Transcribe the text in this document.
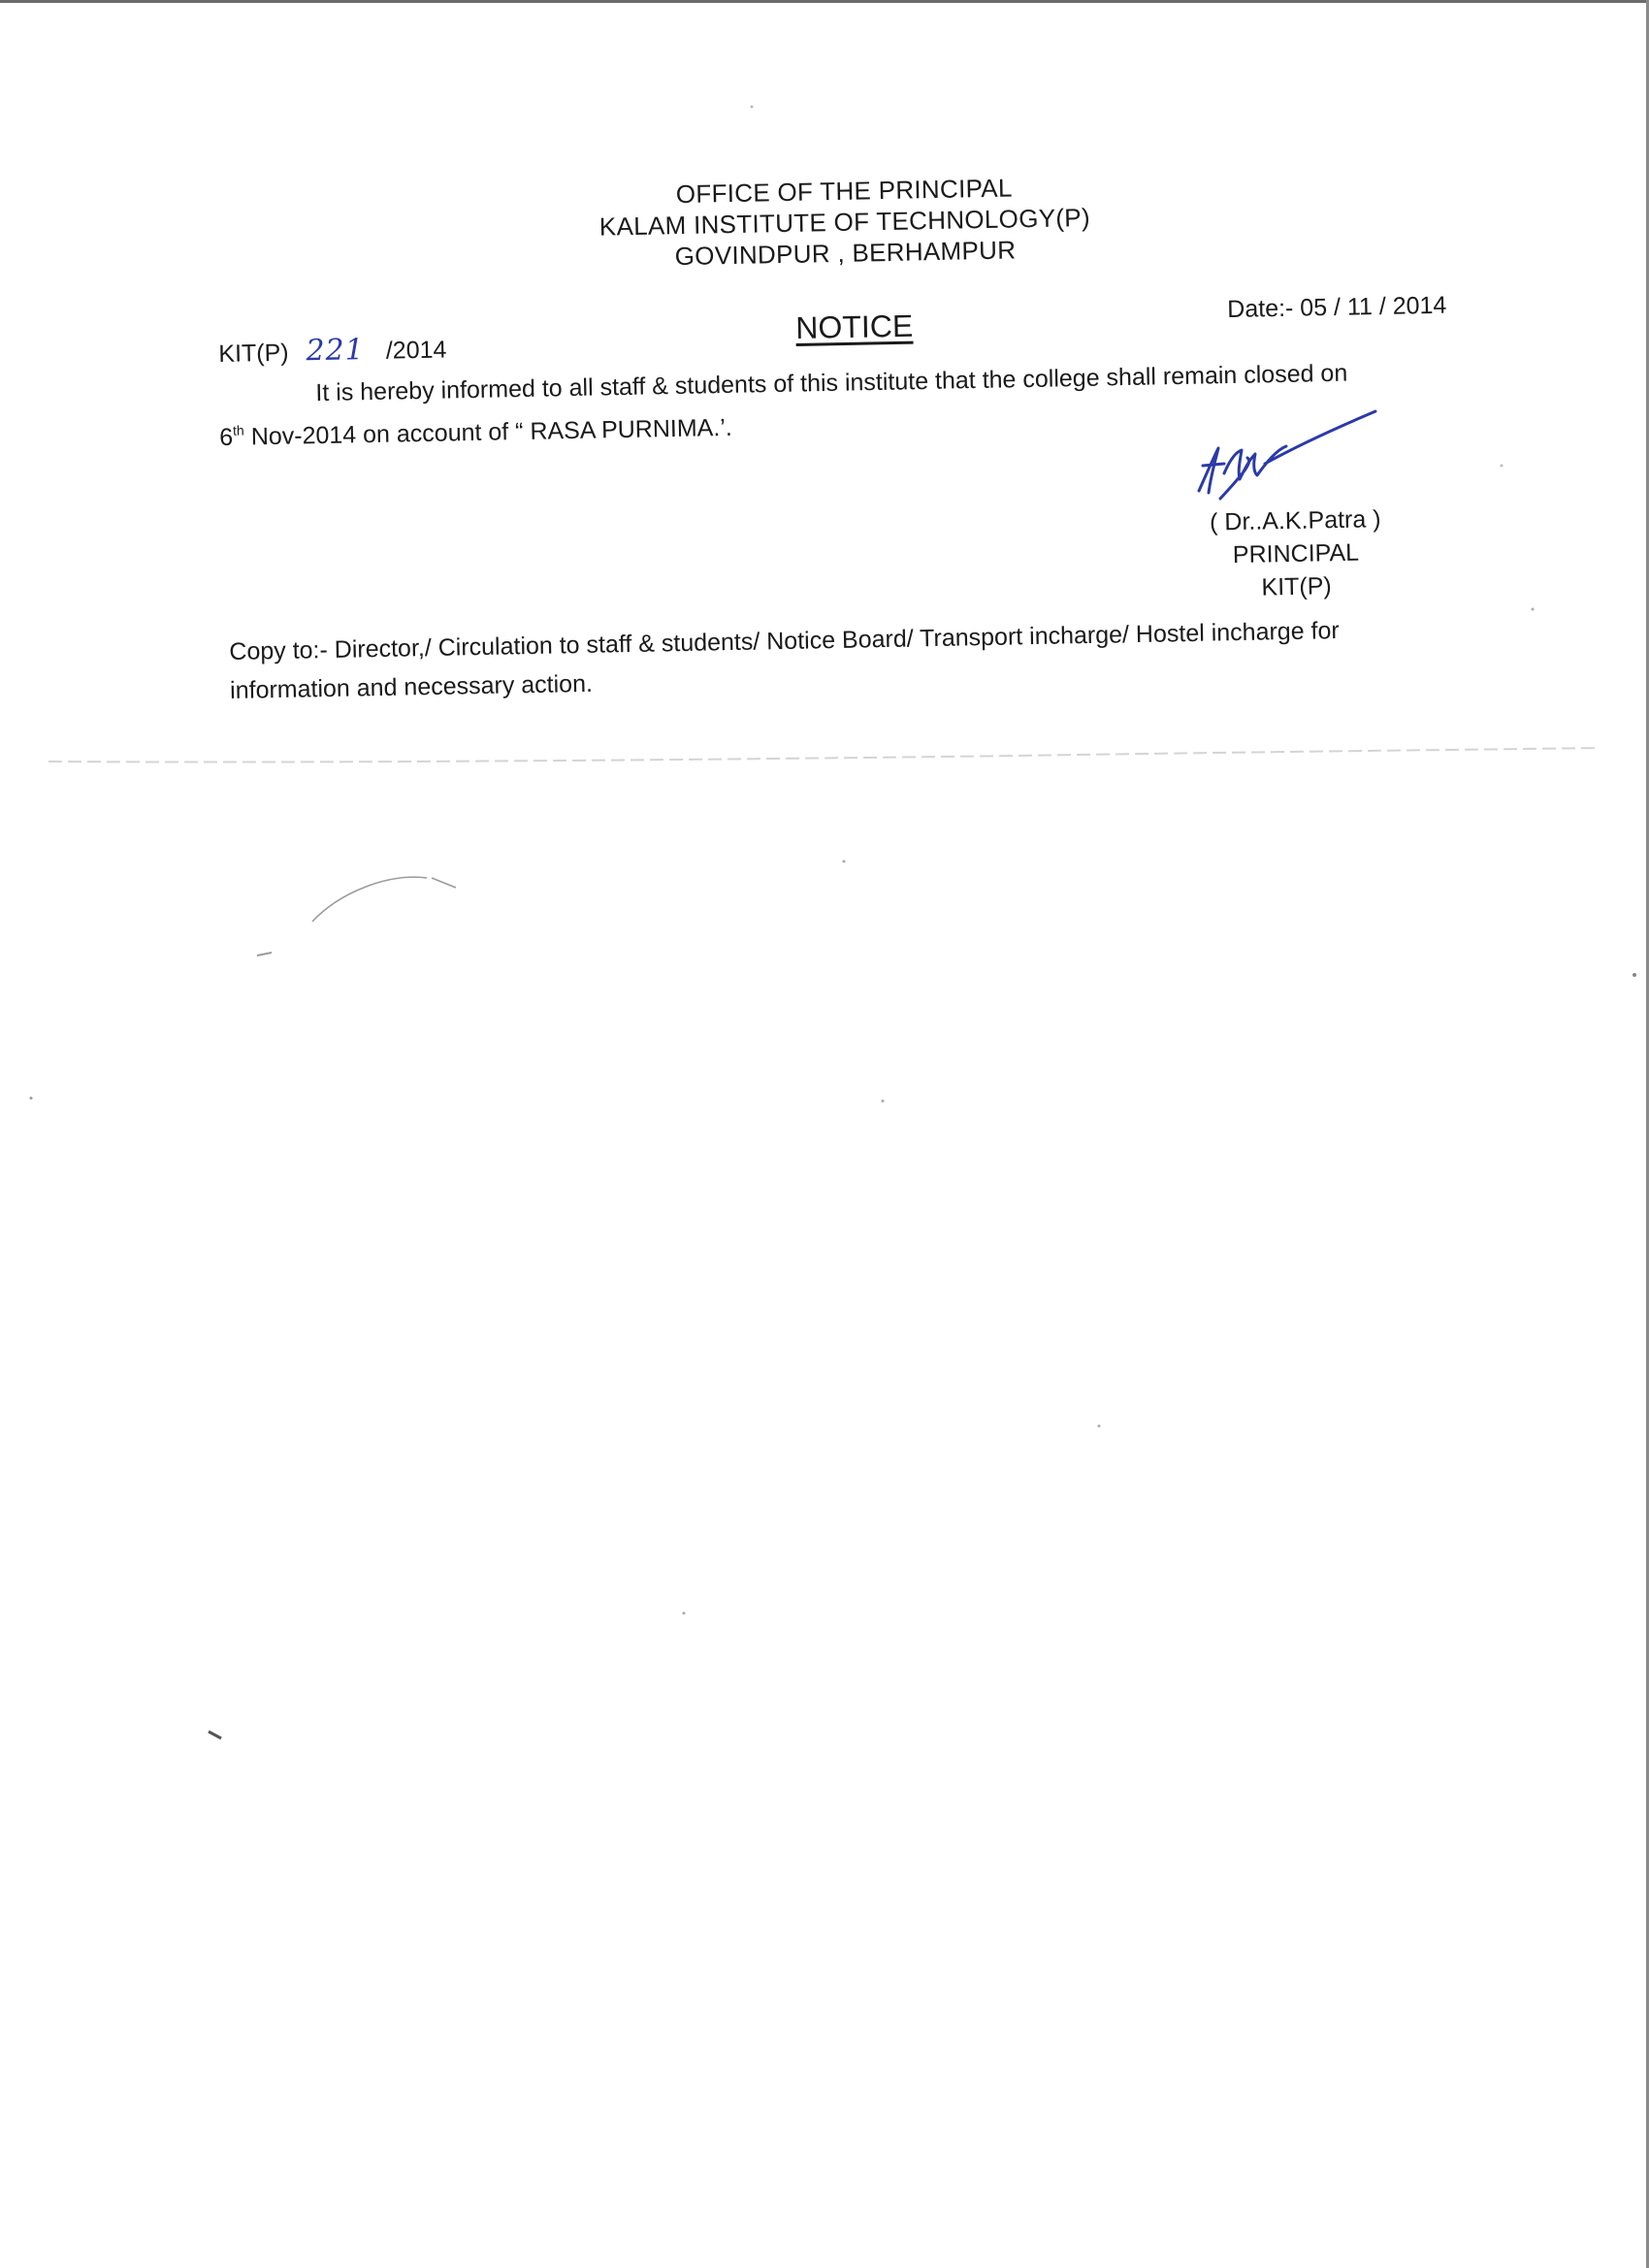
OFFICE OF THE PRINCIPAL
KALAM INSTITUTE OF TECHNOLOGY(P)
GOVINDPUR , BERHAMPUR
KIT(P) 221 /2014
NOTICE
Date:- 05 / 11 / 2014
It is hereby informed to all staff & students of this institute that the college shall remain closed on
6th Nov-2014 on account of “ RASA PURNIMA.’.
( Dr..A.K.Patra )
PRINCIPAL
KIT(P)
Copy to:- Director,/ Circulation to staff & students/ Notice Board/ Transport incharge/ Hostel incharge for
information and necessary action.
